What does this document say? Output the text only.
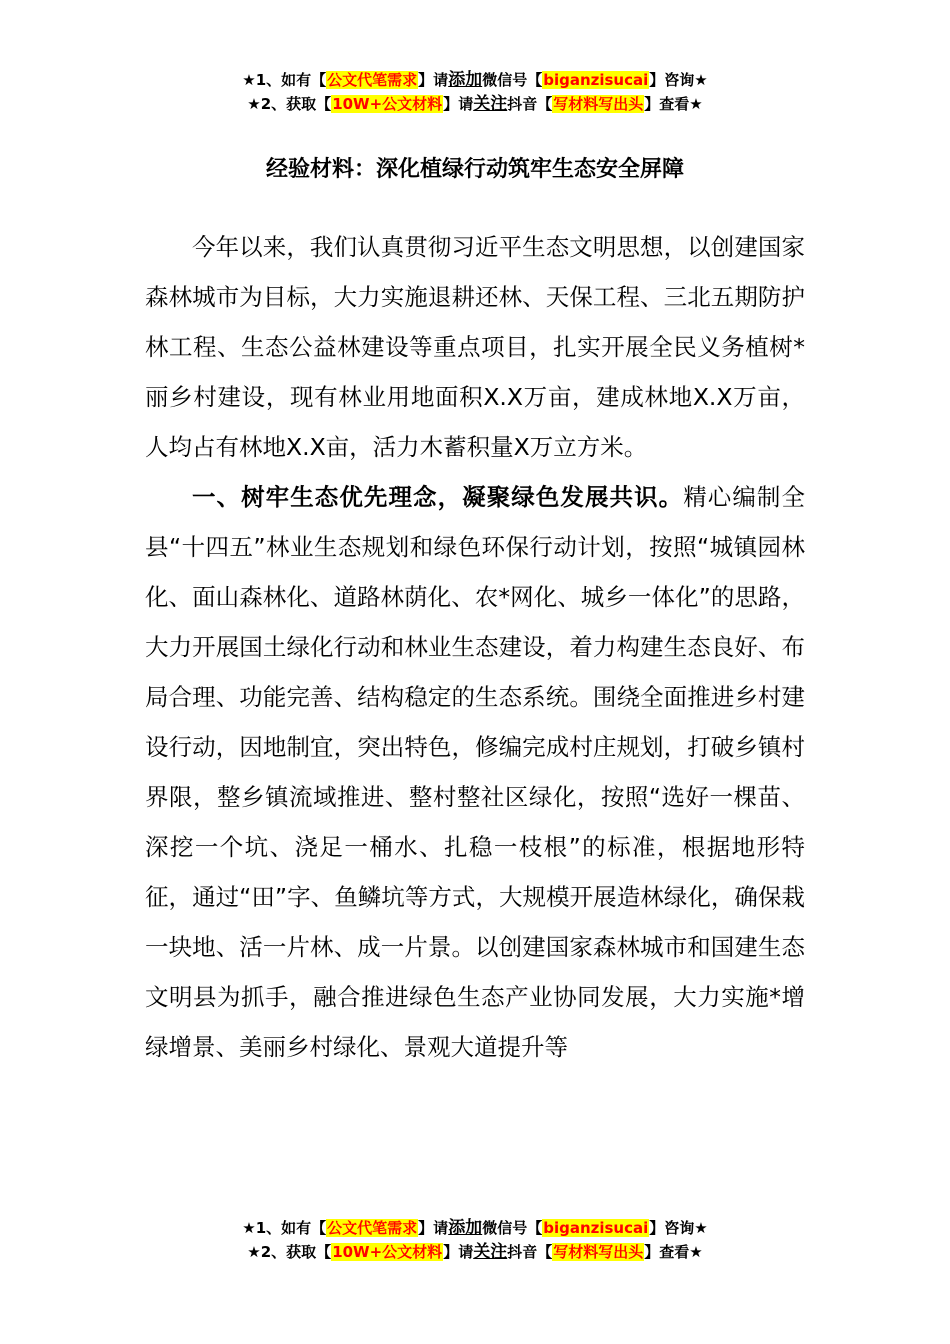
★1、如有【公文代笔需求】请添加微信号【biganzisucai】咨询★
★2、获取【10W+公文材料】请关注抖音【写材料写出头】查看★
经验材料：深化植绿行动筑牢生态安全屏障

今年以来，我们认真贯彻习近平生态文明思想，以创建国家森林城市为目标，大力实施退耕还林、天保工程、三北五期防护林工程、生态公益林建设等重点项目，扎实开展全民义务植树*丽乡村建设，现有林业用地面积X.X万亩，建成林地X.X万亩，人均占有林地X.X亩，活力木蓄积量X万立方米。

一、树牢生态优先理念，凝聚绿色发展共识。精心编制全县“十四五”林业生态规划和绿色环保行动计划，按照“城镇园林化、面山森林化、道路林荫化、农*网化、城乡一体化”的思路，大力开展国土绿化行动和林业生态建设，着力构建生态良好、布局合理、功能完善、结构稳定的生态系统。围绕全面推进乡村建设行动，因地制宜，突出特色，修编完成村庄规划，打破乡镇村界限，整乡镇流域推进、整村整社区绿化，按照“选好一棵苗、深挖一个坑、浇足一桶水、扎稳一枝根”的标准，根据地形特征，通过“田”字、鱼鳞坑等方式，大规模开展造林绿化，确保栽一块地、活一片林、成一片景。以创建国家森林城市和国建生态文明县为抓手，融合推进绿色生态产业协同发展，大力实施*增绿增景、美丽乡村绿化、景观大道提升等

★1、如有【公文代笔需求】请添加微信号【biganzisucai】咨询★
★2、获取【10W+公文材料】请关注抖音【写材料写出头】查看★
